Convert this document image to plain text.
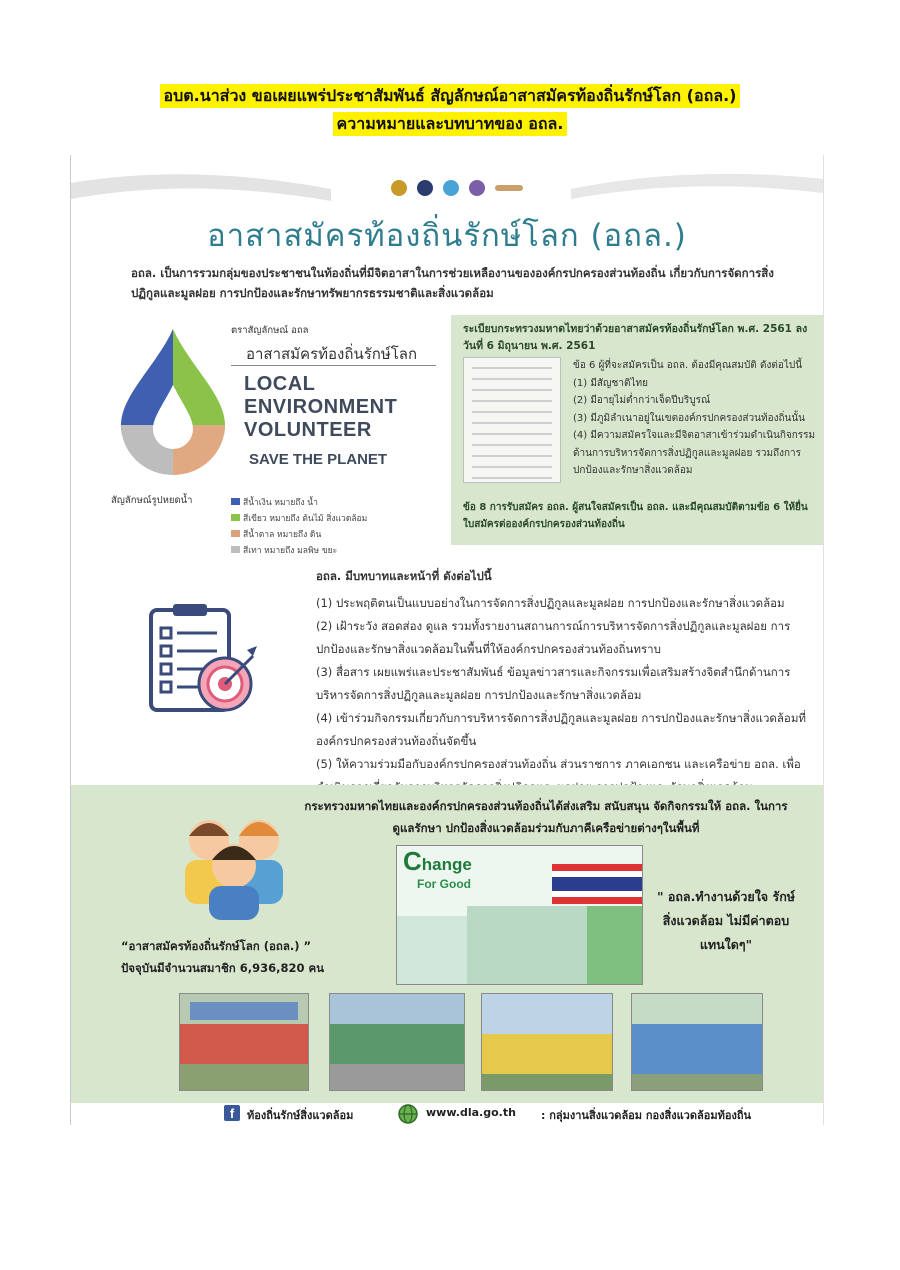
อบต.นาส่วง ขอเผยแพร่ประชาสัมพันธ์ สัญลักษณ์อาสาสมัครท้องถิ่นรักษ์โลก (อถล.)
ความหมายและบทบาทของ อถล.

อาสาสมัครท้องถิ่นรักษ์โลก (อถล.)
อถล. เป็นการรวมกลุ่มของประชาชนในท้องถิ่นที่มีจิตอาสาในการช่วยเหลืองานขององค์กรปกครองส่วนท้องถิ่น เกี่ยวกับการจัดการสิ่งปฏิกูลและมูลฝอย การปกป้องและรักษาทรัพยากรธรรมชาติและสิ่งแวดล้อม
สัญลักษณ์รูปหยดน้ำ
ตราสัญลักษณ์ อถล
อาสาสมัครท้องถิ่นรักษ์โลก
LOCAL
ENVIRONMENT
VOLUNTEER
SAVE THE PLANET
สีน้ำเงิน หมายถึง น้ำ
สีเขียว หมายถึง ต้นไม้ สิ่งแวดล้อม
สีน้ำตาล หมายถึง ดิน
สีเทา หมายถึง มลพิษ ขยะ
ระเบียบกระทรวงมหาดไทยว่าด้วยอาสาสมัครท้องถิ่นรักษ์โลก พ.ศ. 2561 ลงวันที่ 6 มิถุนายน พ.ศ. 2561
ข้อ 6 ผู้ที่จะสมัครเป็น อถล. ต้องมีคุณสมบัติ ดังต่อไปนี้
(1) มีสัญชาติไทย
(2) มีอายุไม่ต่ำกว่าเจ็ดปีบริบูรณ์
(3) มีภูมิลำเนาอยู่ในเขตองค์กรปกครองส่วนท้องถิ่นนั้น
(4) มีความสมัครใจและมีจิตอาสาเข้าร่วมดำเนินกิจกรรมด้านการบริหารจัดการสิ่งปฏิกูลและมูลฝอย รวมถึงการปกป้องและรักษาสิ่งแวดล้อม
ข้อ 8 การรับสมัคร อถล. ผู้สนใจสมัครเป็น อถล. และมีคุณสมบัติตามข้อ 6 ให้ยื่นใบสมัครต่อองค์กรปกครองส่วนท้องถิ่น
อถล. มีบทบาทและหน้าที่ ดังต่อไปนี้
(1) ประพฤติตนเป็นแบบอย่างในการจัดการสิ่งปฏิกูลและมูลฝอย การปกป้องและรักษาสิ่งแวดล้อม
(2) เฝ้าระวัง สอดส่อง ดูแล รวมทั้งรายงานสถานการณ์การบริหารจัดการสิ่งปฏิกูลและมูลฝอย การปกป้องและรักษาสิ่งแวดล้อมในพื้นที่ให้องค์กรปกครองส่วนท้องถิ่นทราบ
(3) สื่อสาร เผยแพร่และประชาสัมพันธ์ ข้อมูลข่าวสารและกิจกรรมเพื่อเสริมสร้างจิตสำนึกด้านการบริหารจัดการสิ่งปฏิกูลและมูลฝอย การปกป้องและรักษาสิ่งแวดล้อม
(4) เข้าร่วมกิจกรรมเกี่ยวกับการบริหารจัดการสิ่งปฏิกูลและมูลฝอย การปกป้องและรักษาสิ่งแวดล้อมที่องค์กรปกครองส่วนท้องถิ่นจัดขึ้น
(5) ให้ความร่วมมือกับองค์กรปกครองส่วนท้องถิ่น ส่วนราชการ ภาคเอกชน และเครือข่าย อถล. เพื่อ
กระทรวงมหาดไทยและองค์กรปกครองส่วนท้องถิ่นได้ส่งเสริม สนับสนุน จัดกิจกรรมให้ อถล. ในการดูแลรักษา ปกป้องสิ่งแวดล้อมร่วมกับภาคีเครือข่ายต่างๆในพื้นที่
“อาสาสมัครท้องถิ่นรักษ์โลก (อถล.) ”
ปัจจุบันมีจำนวนสมาชิก 6,936,820 คน
Change
For Good
" อถล.ทำงานด้วยใจ รักษ์สิ่งแวดล้อม ไม่มีค่าตอบแทนใดๆ"
f	ท้องถิ่นรักษ์สิ่งแวดล้อม	www.dla.go.th : กลุ่มงานสิ่งแวดล้อม กองสิ่งแวดล้อมท้องถิ่น
